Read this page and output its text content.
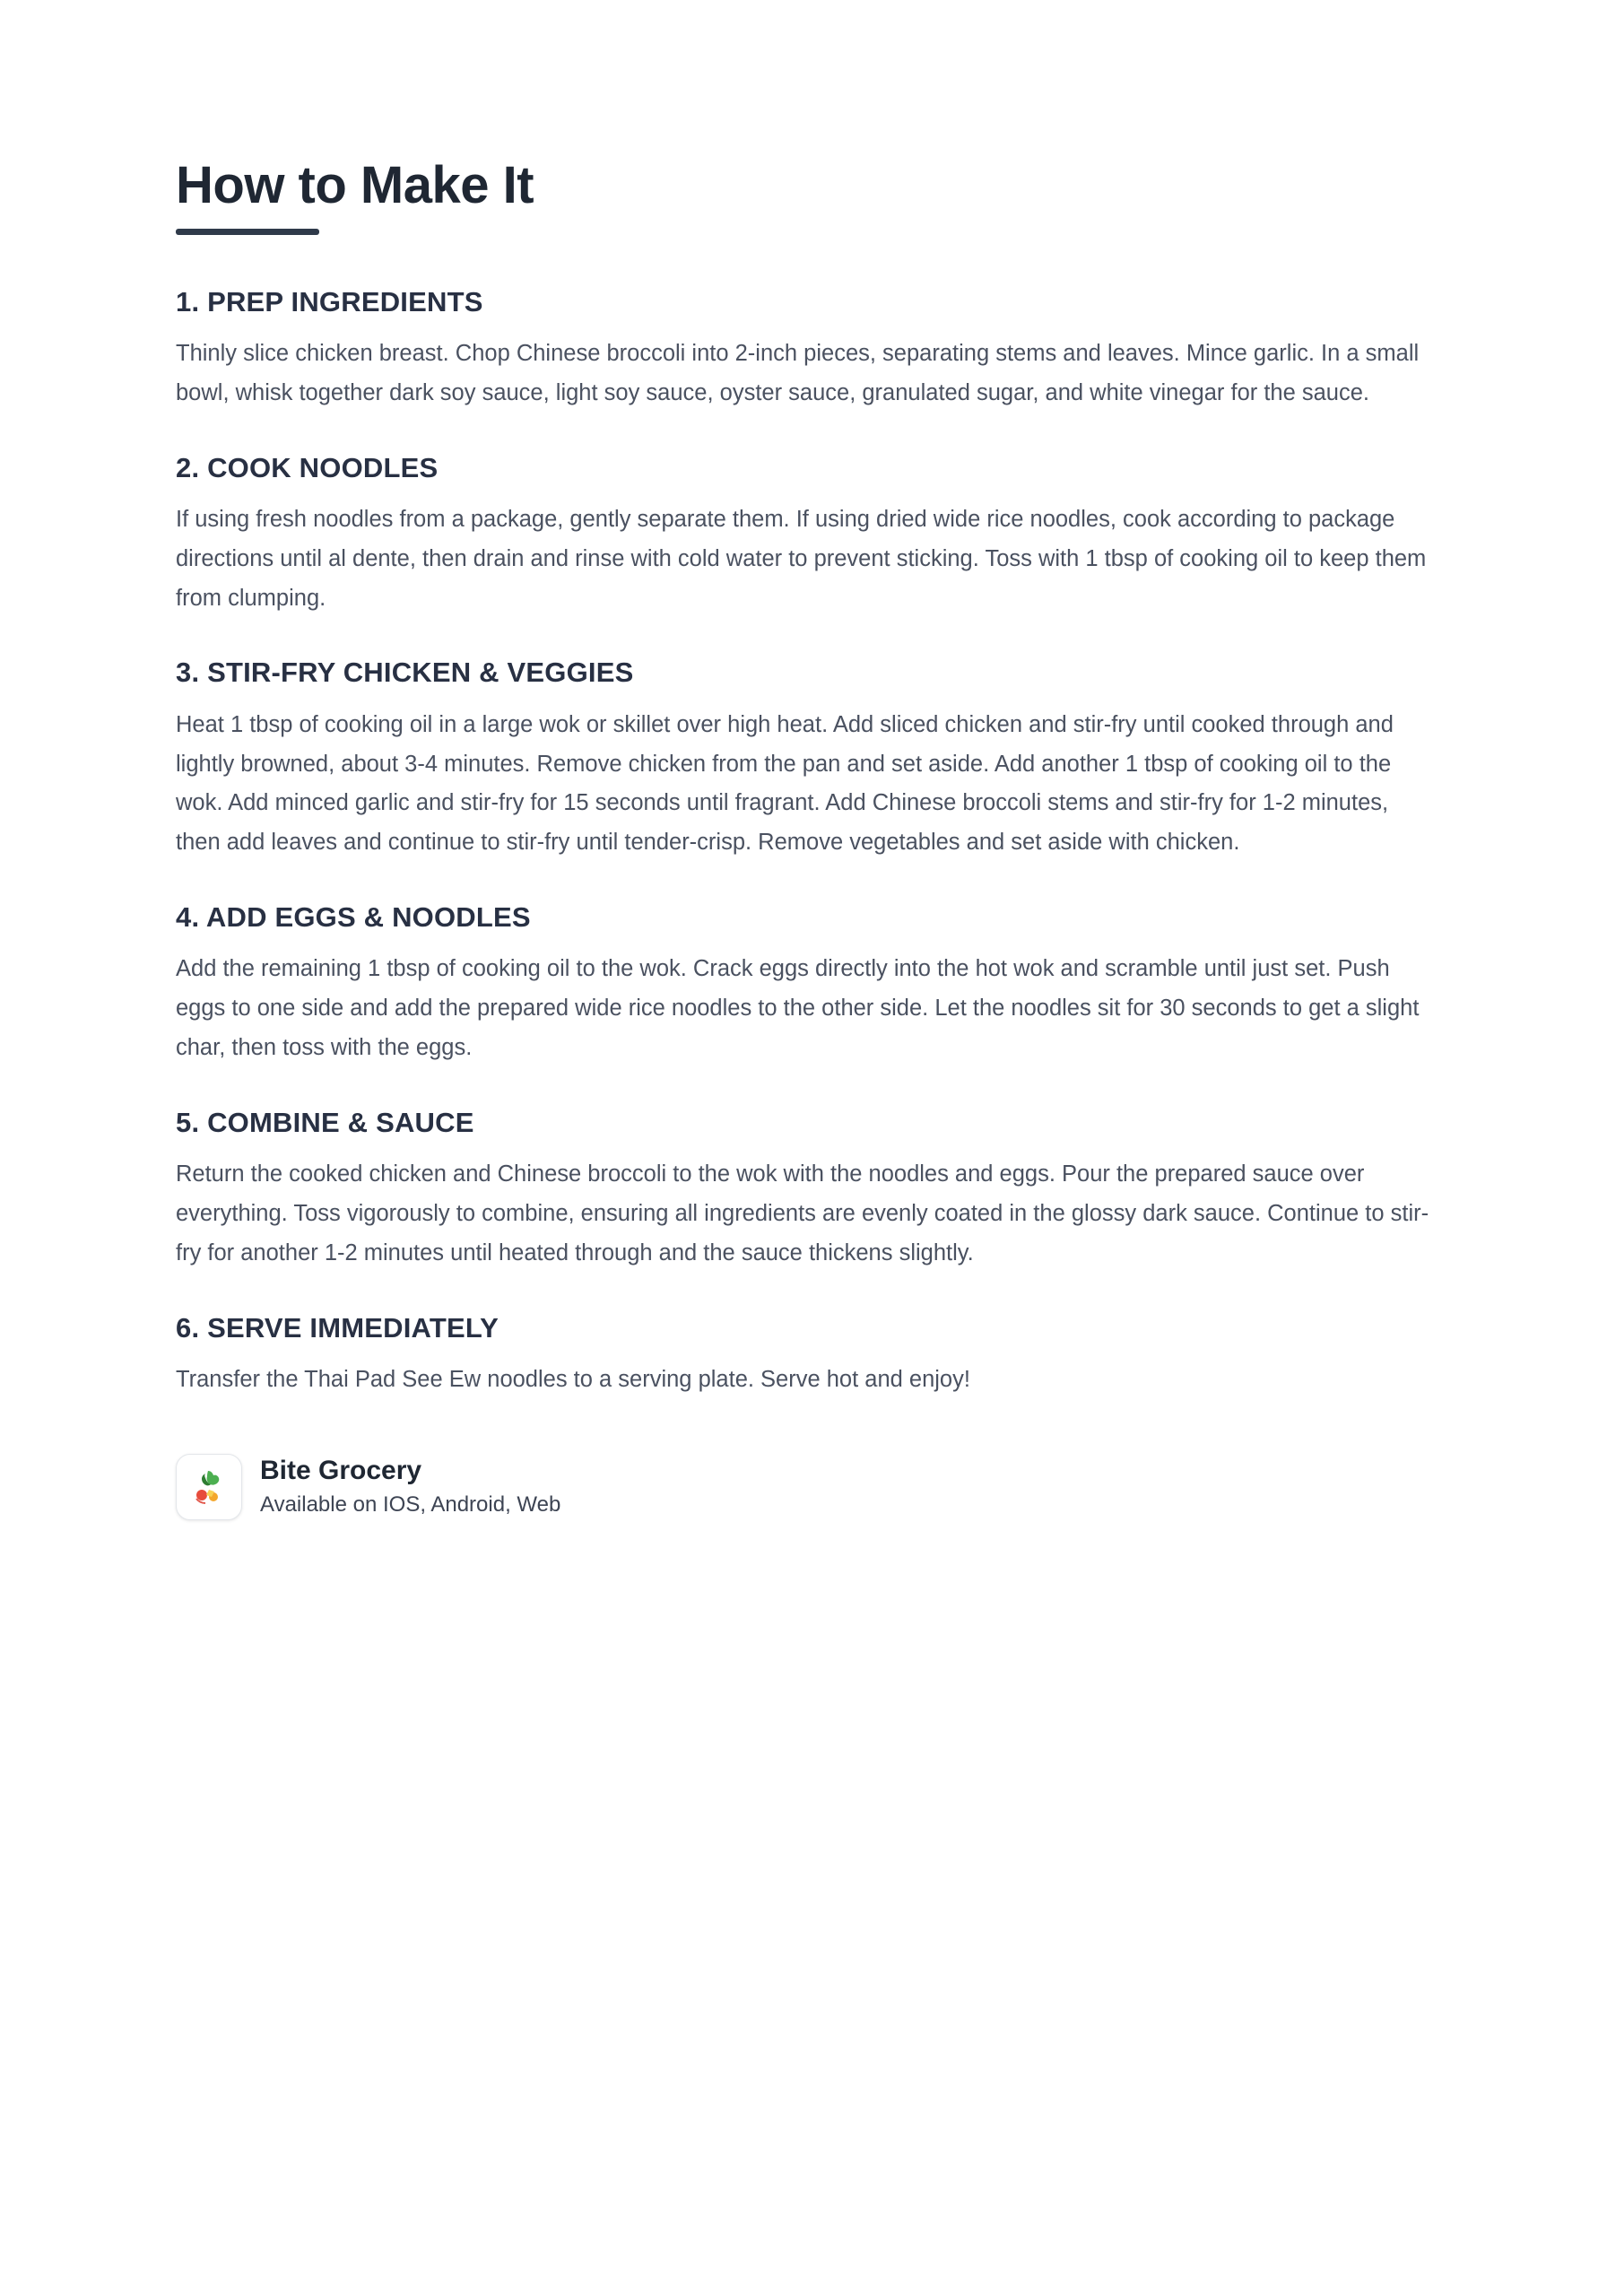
How to Make It
1. PREP INGREDIENTS

Thinly slice chicken breast. Chop Chinese broccoli into 2-inch pieces, separating stems and leaves. Mince garlic. In a small bowl, whisk together dark soy sauce, light soy sauce, oyster sauce, granulated sugar, and white vinegar for the sauce.

2. COOK NOODLES

If using fresh noodles from a package, gently separate them. If using dried wide rice noodles, cook according to package directions until al dente, then drain and rinse with cold water to prevent sticking. Toss with 1 tbsp of cooking oil to keep them from clumping.

3. STIR-FRY CHICKEN & VEGGIES

Heat 1 tbsp of cooking oil in a large wok or skillet over high heat. Add sliced chicken and stir-fry until cooked through and lightly browned, about 3-4 minutes. Remove chicken from the pan and set aside. Add another 1 tbsp of cooking oil to the wok. Add minced garlic and stir-fry for 15 seconds until fragrant. Add Chinese broccoli stems and stir-fry for 1-2 minutes, then add leaves and continue to stir-fry until tender-crisp. Remove vegetables and set aside with chicken.

4. ADD EGGS & NOODLES

Add the remaining 1 tbsp of cooking oil to the wok. Crack eggs directly into the hot wok and scramble until just set. Push eggs to one side and add the prepared wide rice noodles to the other side. Let the noodles sit for 30 seconds to get a slight char, then toss with the eggs.

5. COMBINE & SAUCE

Return the cooked chicken and Chinese broccoli to the wok with the noodles and eggs. Pour the prepared sauce over everything. Toss vigorously to combine, ensuring all ingredients are evenly coated in the glossy dark sauce. Continue to stir-fry for another 1-2 minutes until heated through and the sauce thickens slightly.

6. SERVE IMMEDIATELY

Transfer the Thai Pad See Ew noodles to a serving plate. Serve hot and enjoy!

Bite Grocery
Available on IOS, Android, Web
